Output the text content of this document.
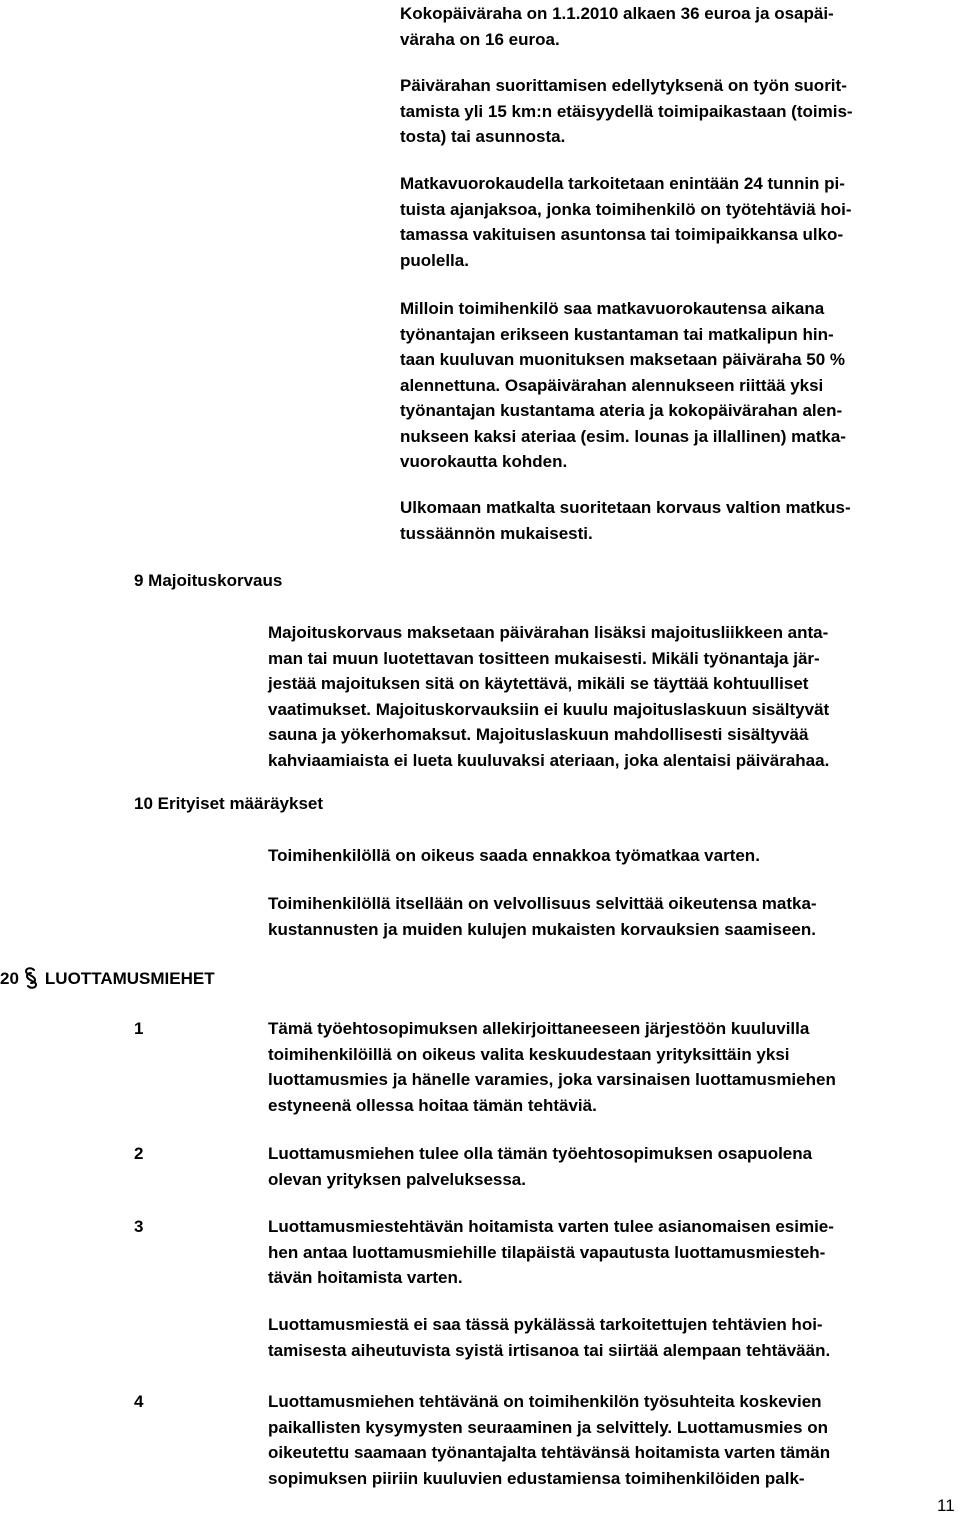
Kokopäiväraha on 1.1.2010 alkaen 36 euroa ja osapäi-
väraha on 16 euroa.
Päivärahan suorittamisen edellytyksenä on työn suorit-
tamista yli 15 km:n etäisyydellä toimipaikastaan (toimis-
tosta) tai asunnosta.
Matkavuorokaudella tarkoitetaan enintään 24 tunnin pi-
tuista ajanjaksoa, jonka toimihenkilö on työtehtäviä hoi-
tamassa vakituisen asuntonsa tai toimipaikkansa ulko-
puolella.
Milloin toimihenkilö saa matkavuorokautensa aikana
työnantajan erikseen kustantaman tai matkalipun hin-
taan kuuluvan muonituksen maksetaan päiväraha 50 %
alennettuna. Osapäivärahan alennukseen riittää yksi
työnantajan kustantama ateria ja kokopäivärahan alen-
nukseen kaksi ateriaa (esim. lounas ja illallinen) matka-
vuorokautta kohden.
Ulkomaan matkalta suoritetaan korvaus valtion matkus-
tussäännön mukaisesti.
9 Majoituskorvaus
Majoituskorvaus maksetaan päivärahan lisäksi majoitusliikkeen anta-
man tai muun luotettavan tositteen mukaisesti. Mikäli työnantaja jär-
jestää majoituksen sitä on käytettävä, mikäli se täyttää kohtuulliset
vaatimukset. Majoituskorvauksiin ei kuulu majoituslaskuun sisältyvät
sauna ja yökerhomaksut. Majoituslaskuun mahdollisesti sisältyvää
kahviaamiaista ei lueta kuuluvaksi ateriaan, joka alentaisi päivärahaa.
10 Erityiset määräykset
Toimihenkilöllä on oikeus saada ennakkoa työmatkaa varten.
Toimihenkilöllä itsellään on velvollisuus selvittää oikeutensa matka-
kustannusten ja muiden kulujen mukaisten korvauksien saamiseen.
20 LUOTTAMUSMIEHET
1	Tämä työehtosopimuksen allekirjoittaneeseen järjestöön kuuluvilla
toimihenkilöillä on oikeus valita keskuudestaan yrityksittäin yksi
luottamusmies ja hänelle varamies, joka varsinaisen luottamusmiehen
estyneenä ollessa hoitaa tämän tehtäviä.
2	Luottamusmiehen tulee olla tämän työehtosopimuksen osapuolena
olevan yrityksen palveluksessa.
3	Luottamusmiestehtävän hoitamista varten tulee asianomaisen esimie-
hen antaa luottamusmiehille tilapäistä vapautusta luottamusmiesteh-
tävän hoitamista varten.
Luottamusmiestä ei saa tässä pykälässä tarkoitettujen tehtävien hoi-
tamisesta aiheutuvista syistä irtisanoa tai siirtää alempaan tehtävään.
4	Luottamusmiehen tehtävänä on toimihenkilön työsuhteita koskevien
paikallisten kysymysten seuraaminen ja selvittely. Luottamusmies on
oikeutettu saamaan työnantajalta tehtävänsä hoitamista varten tämän
sopimuksen piiriin kuuluvien edustamiensa toimihenkilöiden palk-
11
